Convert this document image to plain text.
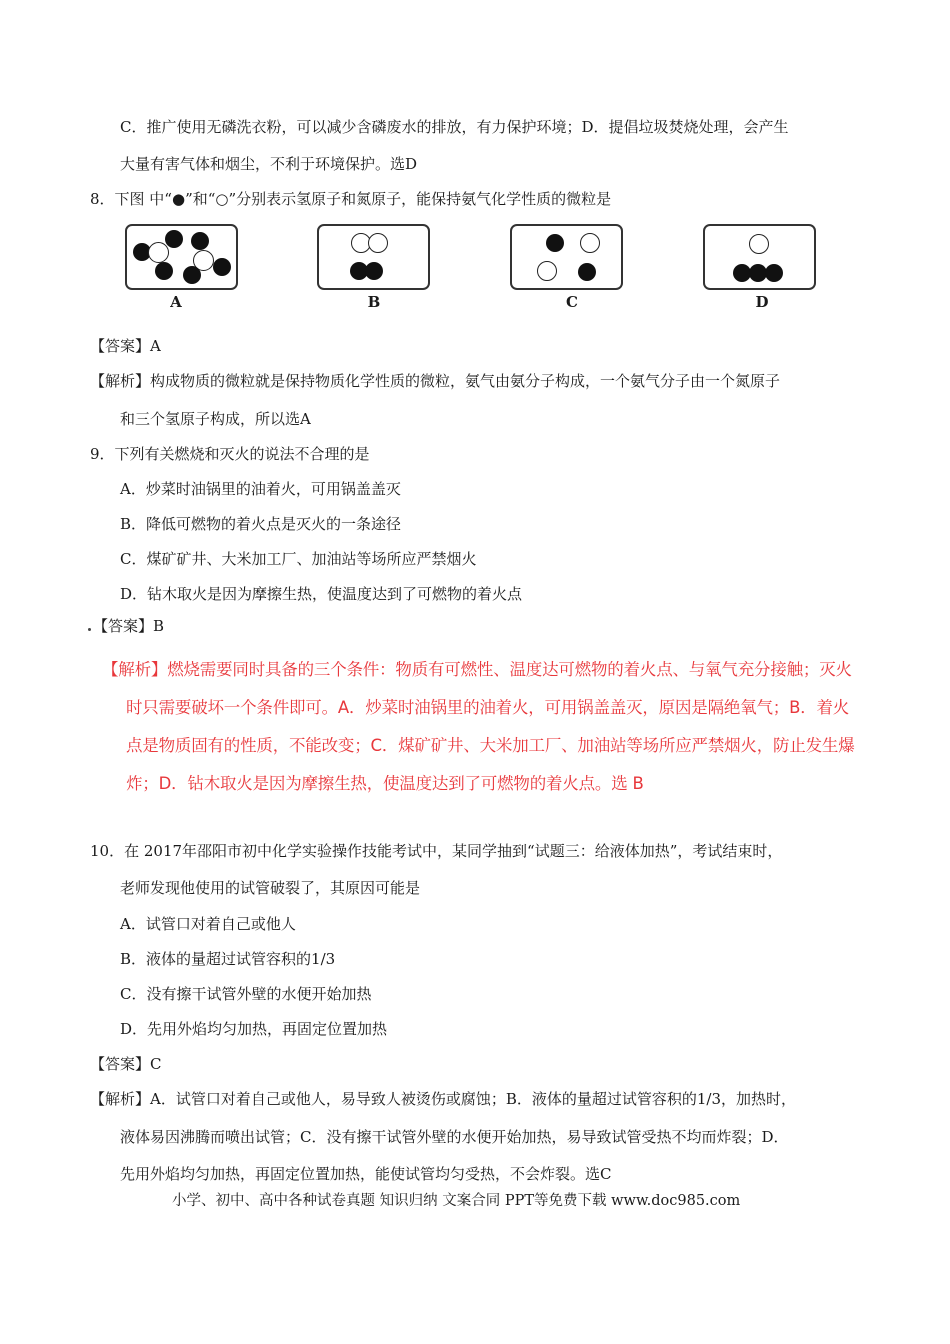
C．推广使用无磷洗衣粉，可以减少含磷废水的排放，有力保护环境；D．提倡垃圾焚烧处理，会产生
大量有害气体和烟尘，不利于环境保护。选D
8．下图 中“●”和“○”分别表示氢原子和氮原子，能保持氨气化学性质的微粒是
A	B	C	D
【答案】A
【解析】构成物质的微粒就是保持物质化学性质的微粒，氨气由氨分子构成，一个氨气分子由一个氮原子
和三个氢原子构成，所以选A
9．下列有关燃烧和灭火的说法不合理的是
A．炒菜时油锅里的油着火，可用锅盖盖灭
B．降低可燃物的着火点是灭火的一条途径
C．煤矿矿井、大米加工厂、加油站等场所应严禁烟火
D．钻木取火是因为摩擦生热，使温度达到了可燃物的着火点
【答案】B
【解析】燃烧需要同时具备的三个条件：物质有可燃性、温度达可燃物的着火点、与氧气充分接触；灭火
时只需要破坏一个条件即可。A．炒菜时油锅里的油着火，可用锅盖盖灭，原因是隔绝氧气；B．着火
点是物质固有的性质，不能改变；C．煤矿矿井、大米加工厂、加油站等场所应严禁烟火，防止发生爆
炸；D．钻木取火是因为摩擦生热，使温度达到了可燃物的着火点。选 B
10．在 2017年邵阳市初中化学实验操作技能考试中，某同学抽到“试题三：给液体加热”，考试结束时，
老师发现他使用的试管破裂了，其原因可能是
A．试管口对着自己或他人
B．液体的量超过试管容积的1/3
C．没有擦干试管外壁的水便开始加热
D．先用外焰均匀加热，再固定位置加热
【答案】C
【解析】A．试管口对着自己或他人，易导致人被烫伤或腐蚀；B．液体的量超过试管容积的1/3，加热时，
液体易因沸腾而喷出试管；C．没有擦干试管外壁的水便开始加热，易导致试管受热不均而炸裂；D．
先用外焰均匀加热，再固定位置加热，能使试管均匀受热，不会炸裂。选C
小学、初中、高中各种试卷真题 知识归纳 文案合同 PPT等免费下载 www.doc985.com
